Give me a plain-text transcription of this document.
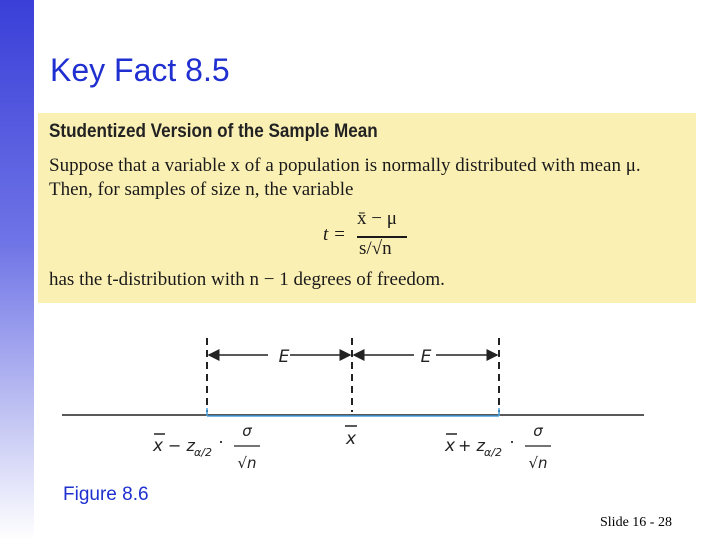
Key Fact 8.5
Studentized Version of the Sample Mean
Suppose that a variable x of a population is normally distributed with mean μ.
Then, for samples of size n, the variable
t =
x̄ − μ
s/√n
has the t-distribution with n − 1 degrees of freedom.
E	E
x
x − z α/2
· σ
√n
x + z α/2
· σ
√n
Figure 8.6
Slide 16 - 28
